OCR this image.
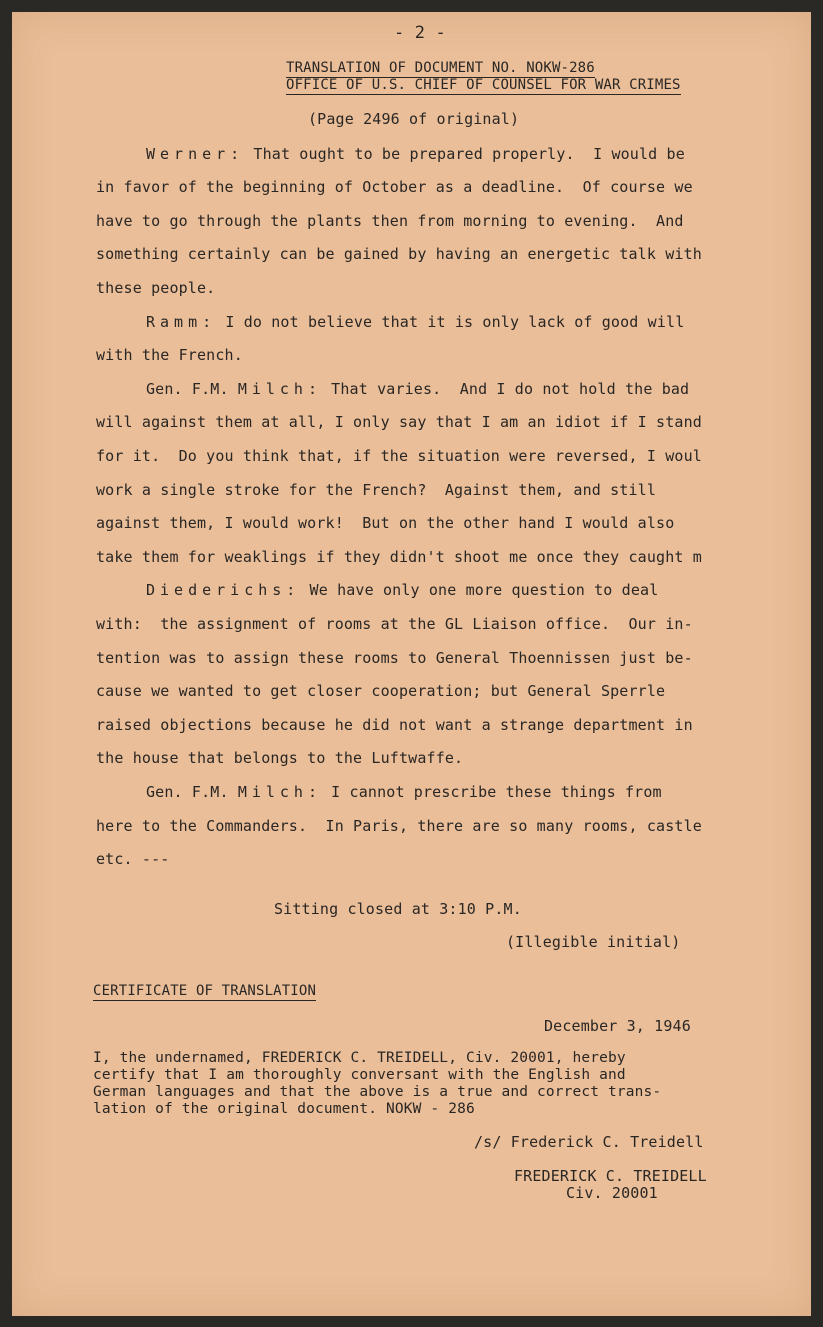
- 2 -
TRANSLATION OF DOCUMENT NO. NOKW-286
OFFICE OF U.S. CHIEF OF COUNSEL FOR WAR CRIMES
(Page 2496 of original)
Werner: That ought to be prepared properly.  I would be
in favor of the beginning of October as a deadline.  Of course we
have to go through the plants then from morning to evening.  And
something certainly can be gained by having an energetic talk with
these people.
Ramm: I do not believe that it is only lack of good will
with the French.
Gen. F.M. Milch: That varies.  And I do not hold the bad
will against them at all, I only say that I am an idiot if I stand
for it.  Do you think that, if the situation were reversed, I woul
work a single stroke for the French?  Against them, and still
against them, I would work!  But on the other hand I would also
take them for weaklings if they didn't shoot me once they caught m
Diederichs: We have only one more question to deal
with:  the assignment of rooms at the GL Liaison office.  Our in-
tention was to assign these rooms to General Thoennissen just be-
cause we wanted to get closer cooperation; but General Sperrle
raised objections because he did not want a strange department in
the house that belongs to the Luftwaffe.
Gen. F.M. Milch: I cannot prescribe these things from
here to the Commanders.  In Paris, there are so many rooms, castle
etc. ---
Sitting closed at 3:10 P.M.
(Illegible initial)
CERTIFICATE OF TRANSLATION
December 3, 1946
I, the undernamed, FREDERICK C. TREIDELL, Civ. 20001, hereby
certify that I am thoroughly conversant with the English and
German languages and that the above is a true and correct trans-
lation of the original document. NOKW - 286
/s/ Frederick C. Treidell
FREDERICK C. TREIDELL
Civ. 20001
